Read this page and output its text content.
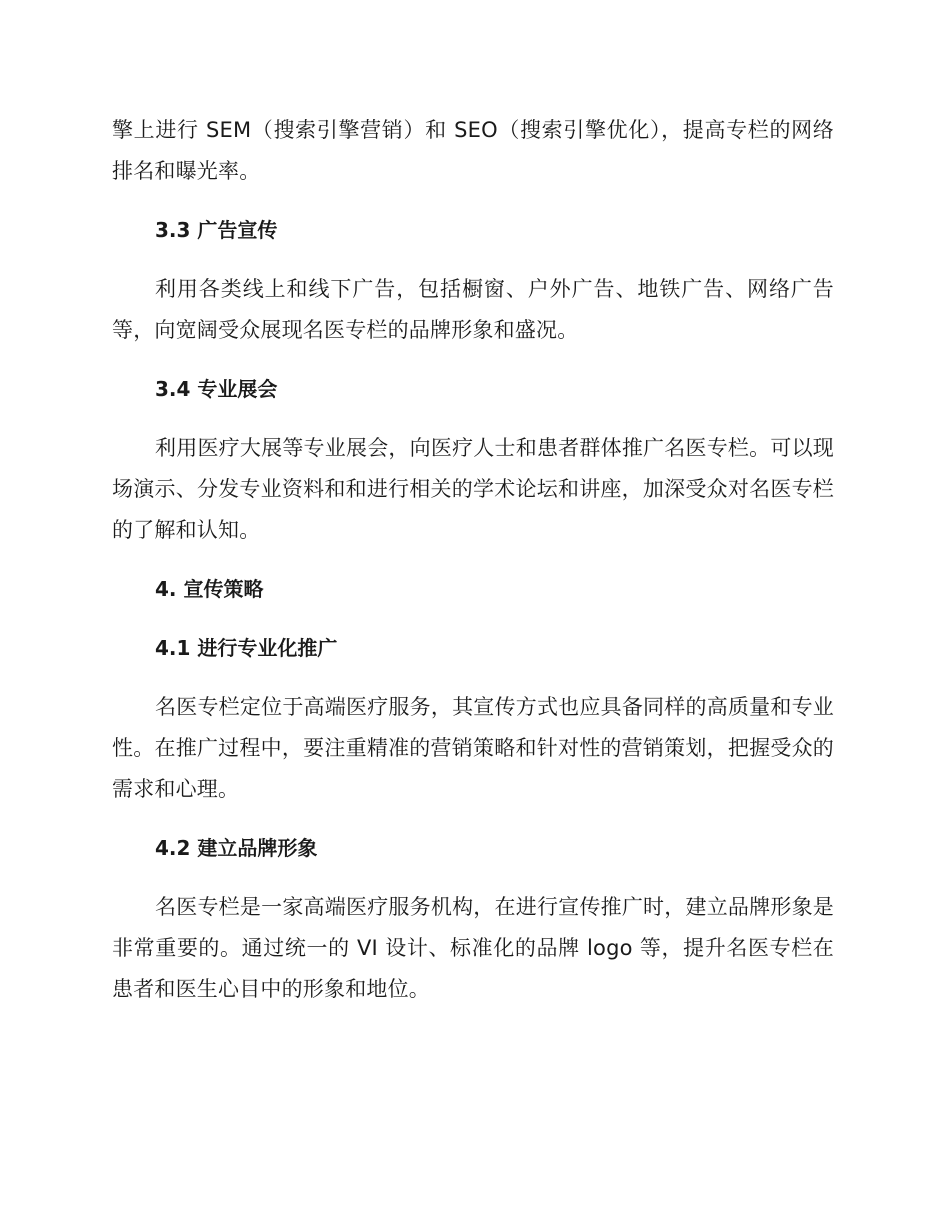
擎上进行 SEM（搜索引擎营销）和 SEO（搜索引擎优化），提高专栏的网络排名和曝光率。

3.3 广告宣传

利用各类线上和线下广告，包括橱窗、户外广告、地铁广告、网络广告等，向宽阔受众展现名医专栏的品牌形象和盛况。

3.4 专业展会

利用医疗大展等专业展会，向医疗人士和患者群体推广名医专栏。可以现场演示、分发专业资料和和进行相关的学术论坛和讲座，加深受众对名医专栏的了解和认知。

4. 宣传策略
4.1 进行专业化推广

名医专栏定位于高端医疗服务，其宣传方式也应具备同样的高质量和专业性。在推广过程中，要注重精准的营销策略和针对性的营销策划，把握受众的需求和心理。

4.2 建立品牌形象

名医专栏是一家高端医疗服务机构，在进行宣传推广时，建立品牌形象是非常重要的。通过统一的 VI 设计、标准化的品牌 logo 等，提升名医专栏在患者和医生心目中的形象和地位。
